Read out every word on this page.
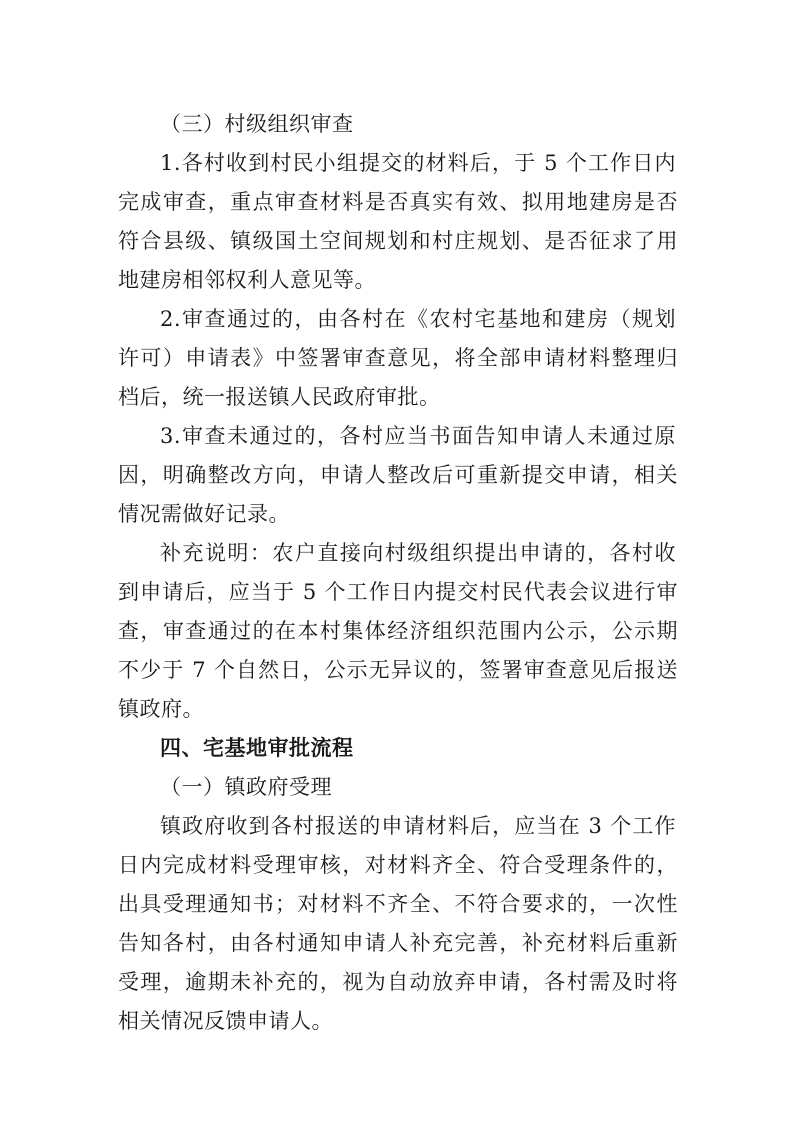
（三）村级组织审查
1.各村收到村民小组提交的材料后，于 5 个工作日内
完成审查，重点审查材料是否真实有效、拟用地建房是否
符合县级、镇级国土空间规划和村庄规划、是否征求了用
地建房相邻权利人意见等。
2.审查通过的，由各村在《农村宅基地和建房（规划
许可）申请表》中签署审查意见，将全部申请材料整理归
档后，统一报送镇人民政府审批。
3.审查未通过的，各村应当书面告知申请人未通过原
因，明确整改方向，申请人整改后可重新提交申请，相关
情况需做好记录。
补充说明：农户直接向村级组织提出申请的，各村收
到申请后，应当于 5 个工作日内提交村民代表会议进行审
查，审查通过的在本村集体经济组织范围内公示，公示期
不少于 7 个自然日，公示无异议的，签署审查意见后报送
镇政府。
四、宅基地审批流程
（一）镇政府受理
镇政府收到各村报送的申请材料后，应当在 3 个工作
日内完成材料受理审核，对材料齐全、符合受理条件的，
出具受理通知书；对材料不齐全、不符合要求的，一次性
告知各村，由各村通知申请人补充完善，补充材料后重新
受理，逾期未补充的，视为自动放弃申请，各村需及时将
相关情况反馈申请人。
